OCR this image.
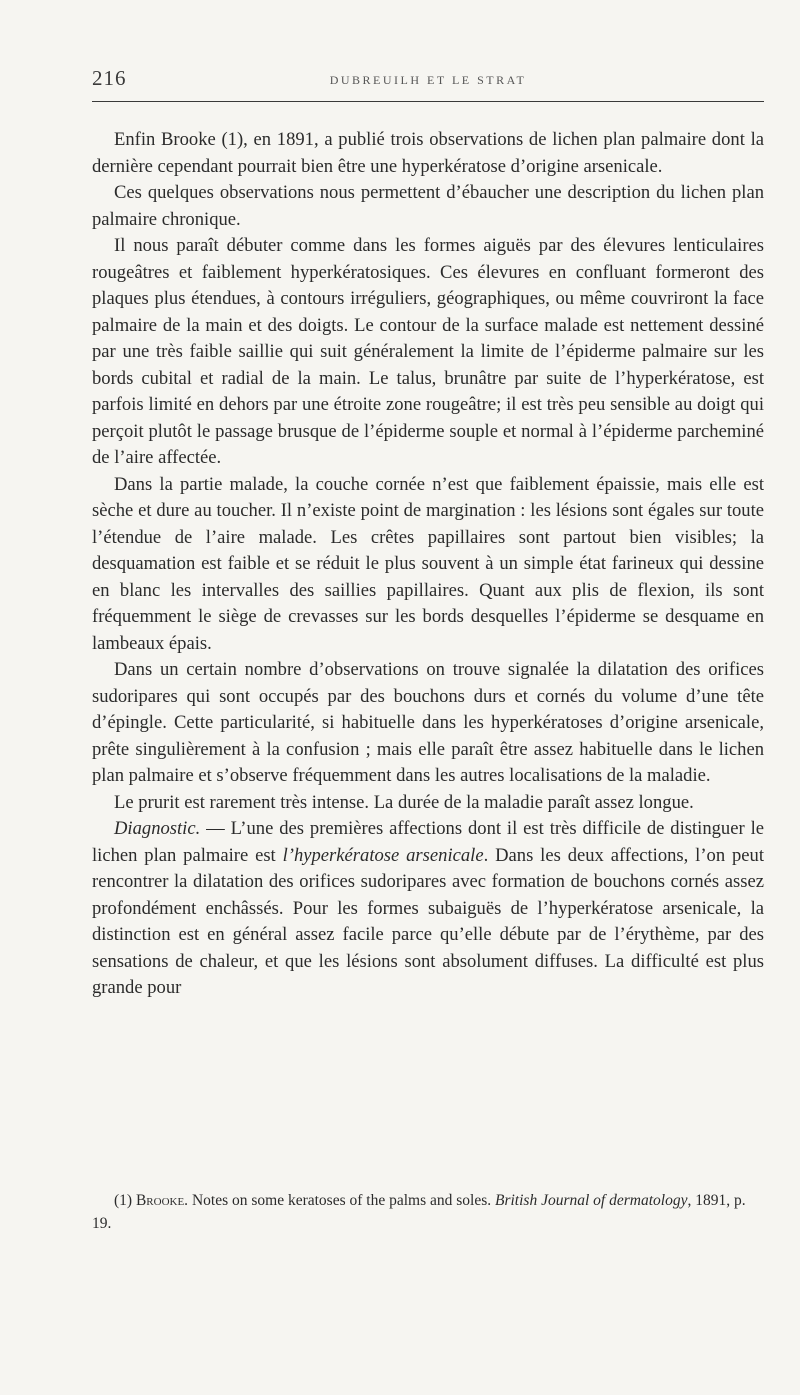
216	DUBREUILH ET LE STRAT

Enfin Brooke (1), en 1891, a publié trois observations de lichen plan palmaire dont la dernière cependant pourrait bien être une hyperkératose d’origine arsenicale.

Ces quelques observations nous permettent d’ébaucher une description du lichen plan palmaire chronique.

Il nous paraît débuter comme dans les formes aiguës par des élevures lenticulaires rougeâtres et faiblement hyperkératosiques. Ces élevures en confluant formeront des plaques plus étendues, à contours irréguliers, géographiques, ou même couvriront la face palmaire de la main et des doigts. Le contour de la surface malade est nettement dessiné par une très faible saillie qui suit généralement la limite de l’épiderme palmaire sur les bords cubital et radial de la main. Le talus, brunâtre par suite de l’hyperkératose, est parfois limité en dehors par une étroite zone rougeâtre; il est très peu sensible au doigt qui perçoit plutôt le passage brusque de l’épiderme souple et normal à l’épiderme parcheminé de l’aire affectée.

Dans la partie malade, la couche cornée n’est que faiblement épaissie, mais elle est sèche et dure au toucher. Il n’existe point de margination : les lésions sont égales sur toute l’étendue de l’aire malade. Les crêtes papillaires sont partout bien visibles; la desquamation est faible et se réduit le plus souvent à un simple état farineux qui dessine en blanc les intervalles des saillies papillaires. Quant aux plis de flexion, ils sont fréquemment le siège de crevasses sur les bords desquelles l’épiderme se desquame en lambeaux épais.

Dans un certain nombre d’observations on trouve signalée la dilatation des orifices sudoripares qui sont occupés par des bouchons durs et cornés du volume d’une tête d’épingle. Cette particularité, si habituelle dans les hyperkératoses d’origine arsenicale, prête singulièrement à la confusion ; mais elle paraît être assez habituelle dans le lichen plan palmaire et s’observe fréquemment dans les autres localisations de la maladie.

Le prurit est rarement très intense. La durée de la maladie paraît assez longue.

Diagnostic. — L’une des premières affections dont il est très difficile de distinguer le lichen plan palmaire est l’hyperkératose arsenicale. Dans les deux affections, l’on peut rencontrer la dilatation des orifices sudoripares avec formation de bouchons cornés assez profondément enchâssés. Pour les formes subaiguës de l’hyperkératose arsenicale, la distinction est en général assez facile parce qu’elle débute par de l’érythème, par des sensations de chaleur, et que les lésions sont absolument diffuses. La difficulté est plus grande pour

(1) Brooke. Notes on some keratoses of the palms and soles. British Journal of dermatology, 1891, p. 19.
